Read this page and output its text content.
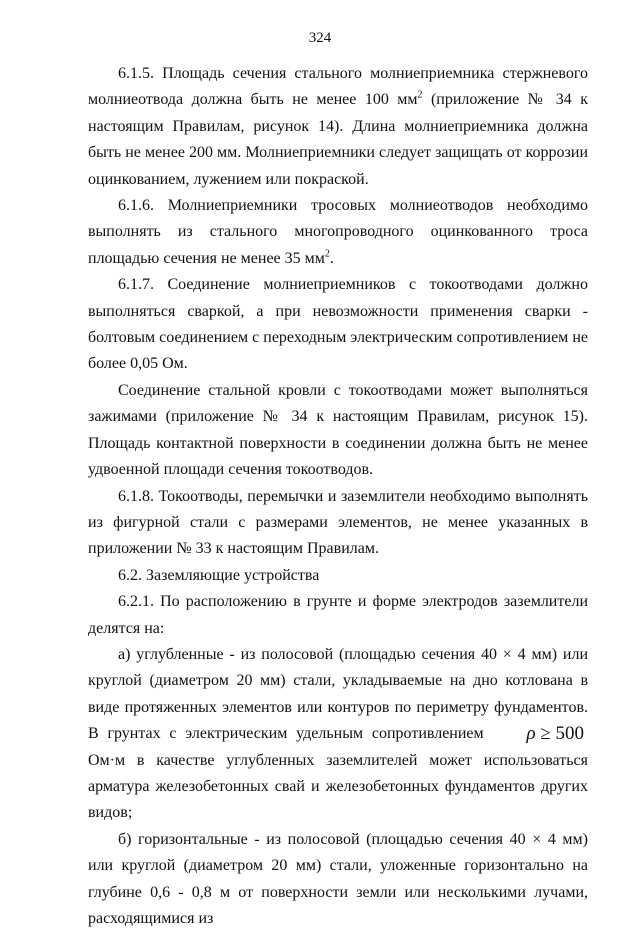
324

6.1.5. Площадь сечения стального молниеприемника стержневого молниеотвода должна быть не менее 100 $мм^2$ (приложение № 34 к настоящим Правилам, рисунок 14). Длина молниеприемника должна быть не менее 200 мм. Молниеприемники следует защищать от коррозии оцинкованием, лужением или покраской.

6.1.6. Молниеприемники тросовых молниеотводов необходимо выполнять из стального многопроводного оцинкованного троса площадью сечения не менее 35 $мм^2$.

6.1.7. Соединение молниеприемников с токоотводами должно выполняться сваркой, а при невозможности применения сварки - болтовым соединением с переходным электрическим сопротивлением не более 0,05 Ом.

Соединение стальной кровли с токоотводами может выполняться зажимами (приложение № 34 к настоящим Правилам, рисунок 15). Площадь контактной поверхности в соединении должна быть не менее удвоенной площади сечения токоотводов.

6.1.8. Токоотводы, перемычки и заземлители необходимо выполнять из фигурной стали с размерами элементов, не менее указанных в приложении № 33 к настоящим Правилам.

6.2. Заземляющие устройства

6.2.1. По расположению в грунте и форме электродов заземлители делятся на:

а) углубленные - из полосовой (площадью сечения 40 × 4 мм) или круглой (диаметром 20 мм) стали, укладываемые на дно котлована в виде протяженных элементов или контуров по периметру фундаментов. В грунтах с электрическим удельным сопротивлением ρ ≥ 500 Ом·м в качестве углубленных заземлителей может использоваться арматура железобетонных свай и железобетонных фундаментов других видов;

б) горизонтальные - из полосовой (площадью сечения 40 × 4 мм) или круглой (диаметром 20 мм) стали, уложенные горизонтально на глубине 0,6 - 0,8 м от поверхности земли или несколькими лучами, расходящимися из
